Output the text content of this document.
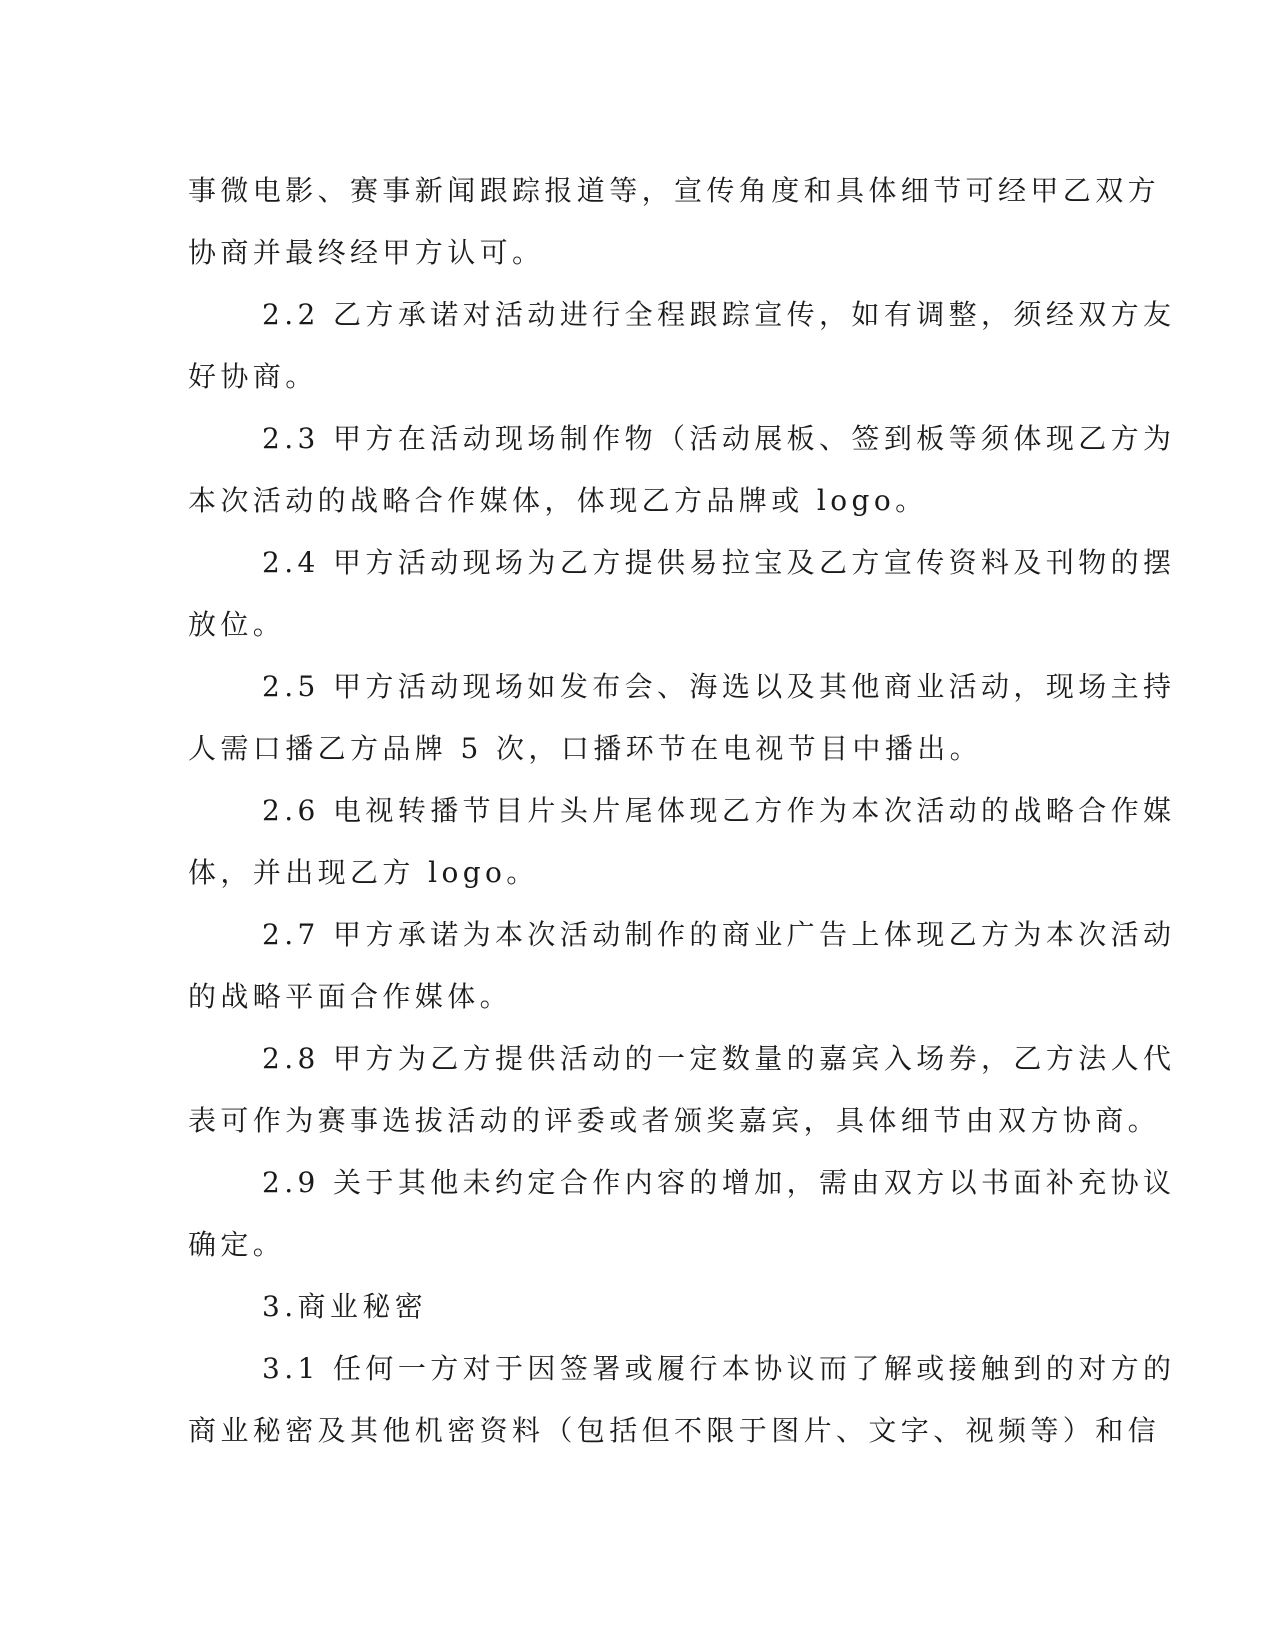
事微电影、赛事新闻跟踪报道等，宣传角度和具体细节可经甲乙双方
协商并最终经甲方认可。
2.2 乙方承诺对活动进行全程跟踪宣传，如有调整，须经双方友
好协商。
2.3 甲方在活动现场制作物（活动展板、签到板等须体现乙方为
本次活动的战略合作媒体，体现乙方品牌或 logo。
2.4 甲方活动现场为乙方提供易拉宝及乙方宣传资料及刊物的摆
放位。
2.5 甲方活动现场如发布会、海选以及其他商业活动，现场主持
人需口播乙方品牌 5 次，口播环节在电视节目中播出。
2.6 电视转播节目片头片尾体现乙方作为本次活动的战略合作媒
体，并出现乙方 logo。
2.7 甲方承诺为本次活动制作的商业广告上体现乙方为本次活动
的战略平面合作媒体。
2.8 甲方为乙方提供活动的一定数量的嘉宾入场券，乙方法人代
表可作为赛事选拔活动的评委或者颁奖嘉宾，具体细节由双方协商。
2.9 关于其他未约定合作内容的增加，需由双方以书面补充协议
确定。
3.商业秘密
3.1 任何一方对于因签署或履行本协议而了解或接触到的对方的
商业秘密及其他机密资料（包括但不限于图片、文字、视频等）和信
